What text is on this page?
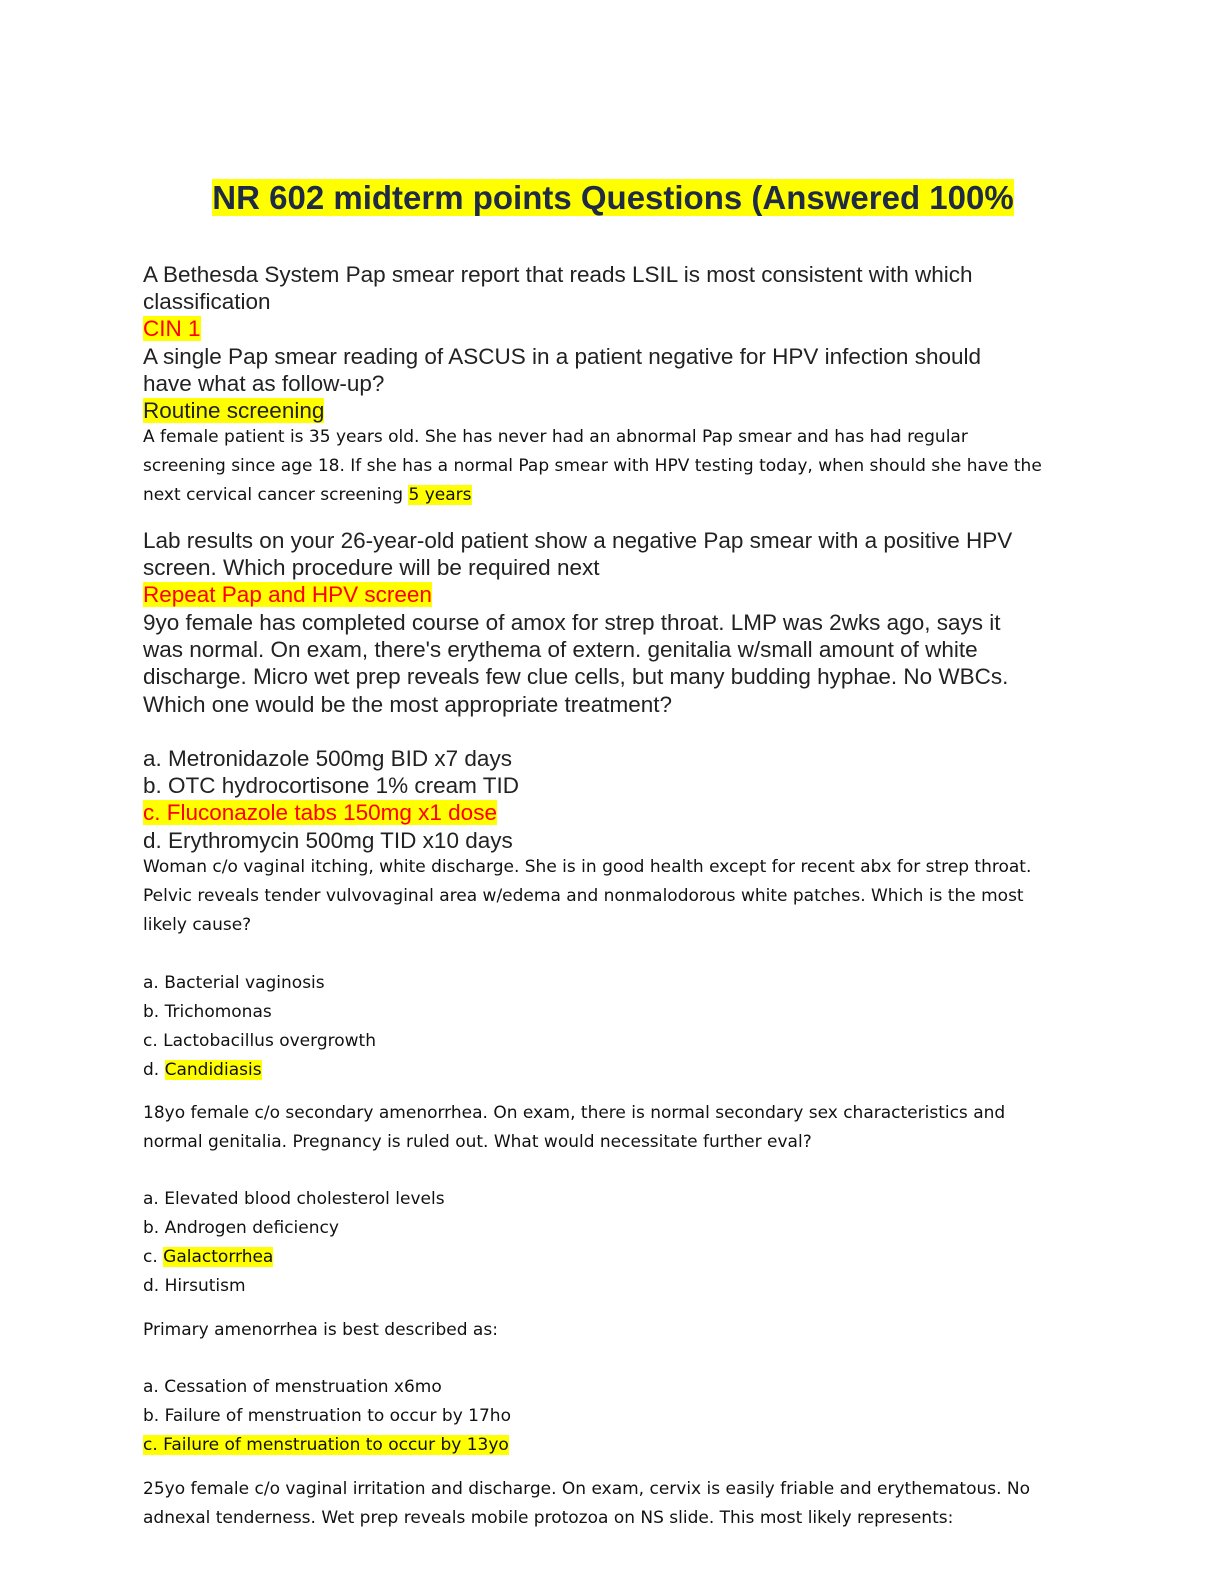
NR 602 midterm points Questions (Answered 100%
A Bethesda System Pap smear report that reads LSIL is most consistent with which
classification
CIN 1
A single Pap smear reading of ASCUS in a patient negative for HPV infection should
have what as follow-up?
Routine screening
A female patient is 35 years old. She has never had an abnormal Pap smear and has had regular
screening since age 18. If she has a normal Pap smear with HPV testing today, when should she have the
next cervical cancer screening 5 years
Lab results on your 26-year-old patient show a negative Pap smear with a positive HPV
screen. Which procedure will be required next
Repeat Pap and HPV screen
9yo female has completed course of amox for strep throat. LMP was 2wks ago, says it
was normal. On exam, there's erythema of extern. genitalia w/small amount of white
discharge. Micro wet prep reveals few clue cells, but many budding hyphae. No WBCs.
Which one would be the most appropriate treatment?
a. Metronidazole 500mg BID x7 days
b. OTC hydrocortisone 1% cream TID
c. Fluconazole tabs 150mg x1 dose
d. Erythromycin 500mg TID x10 days
Woman c/o vaginal itching, white discharge. She is in good health except for recent abx for strep throat.
Pelvic reveals tender vulvovaginal area w/edema and nonmalodorous white patches. Which is the most
likely cause?
a. Bacterial vaginosis
b. Trichomonas
c. Lactobacillus overgrowth
d. Candidiasis
18yo female c/o secondary amenorrhea. On exam, there is normal secondary sex characteristics and
normal genitalia. Pregnancy is ruled out. What would necessitate further eval?
a. Elevated blood cholesterol levels
b. Androgen deficiency
c. Galactorrhea
d. Hirsutism
Primary amenorrhea is best described as:
a. Cessation of menstruation x6mo
b. Failure of menstruation to occur by 17ho
c. Failure of menstruation to occur by 13yo
25yo female c/o vaginal irritation and discharge. On exam, cervix is easily friable and erythematous. No
adnexal tenderness. Wet prep reveals mobile protozoa on NS slide. This most likely represents:
